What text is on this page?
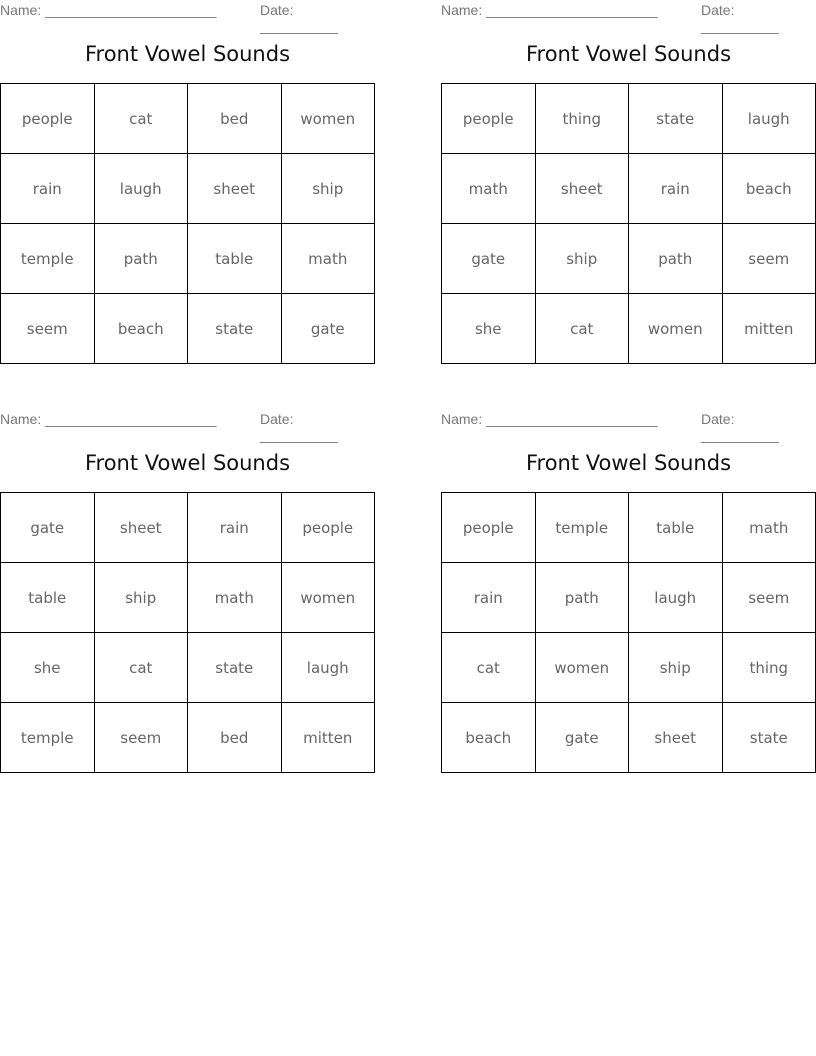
Name: ______________________	Date: __________
Front Vowel Sounds
people	cat	bed	women
rain	laugh	sheet	ship
temple	path	table	math
seem	beach	state	gate
Name: ______________________	Date: __________
Front Vowel Sounds
people	thing	state	laugh
math	sheet	rain	beach
gate	ship	path	seem
she	cat	women	mitten
Name: ______________________	Date: __________
Front Vowel Sounds
gate	sheet	rain	people
table	ship	math	women
she	cat	state	laugh
temple	seem	bed	mitten
Name: ______________________	Date: __________
Front Vowel Sounds
people	temple	table	math
rain	path	laugh	seem
cat	women	ship	thing
beach	gate	sheet	state
